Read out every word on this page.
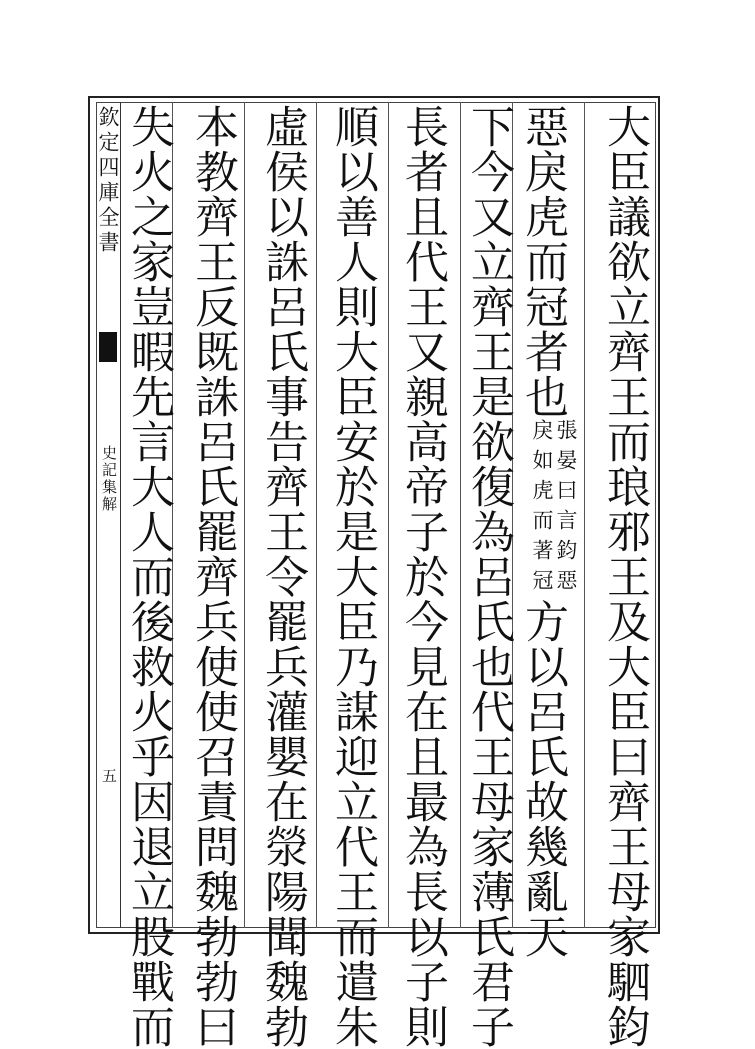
欽定四庫全書
史記集解
五	大臣議欲立齊王而琅邪王及大臣曰齊王母家駟鈞
惡戾虎而冠者也
張晏曰言鈞惡
戾如虎而著冠
方以呂氏故幾亂天
下今又立齊王是欲復為呂氏也代王母家薄氏君子
長者且代王又親高帝子於今見在且最為長以子則
順以善人則大臣安於是大臣乃謀迎立代王而遣朱
虛侯以誅呂氏事告齊王令罷兵灌嬰在滎陽聞魏勃
本教齊王反既誅呂氏罷齊兵使使召責問魏勃勃曰
失火之家豈暇先言大人而後救火乎因退立股戰而
